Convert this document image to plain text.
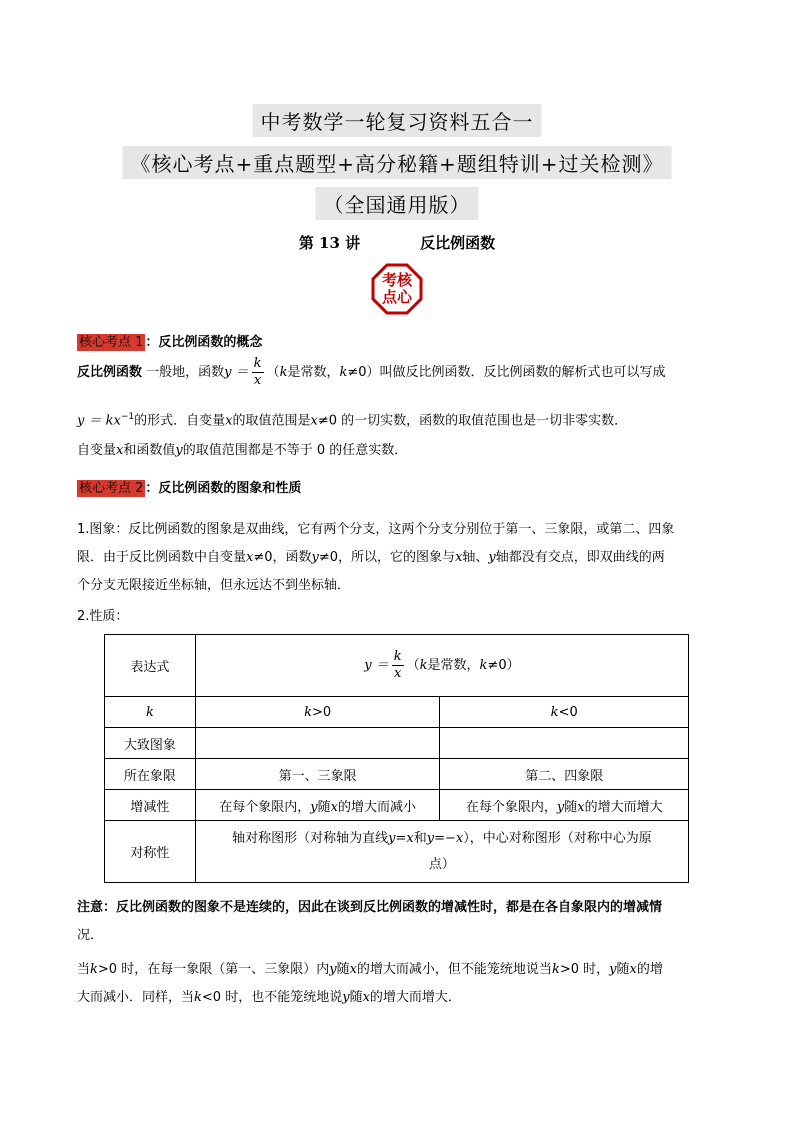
中考数学一轮复习资料五合一
《核心考点+重点题型+高分秘籍+题组特训+过关检测》
（全国通用版）
第 13 讲	反比例函数
考核
点心
核心考点 1 ：反比例函数的概念
反比例函数 一般地，函数$y = \frac{k}{x} (k$是常数，k≠0）叫做反比例函数．反比例函数的解析式也可以写成
$y = kx^{-1}$的形式．自变量x的取值范围是x≠0 的一切实数，函数的取值范围也是一切非零实数．
自变量x和函数值y的取值范围都是不等于 0 的任意实数．
核心考点 2 ：反比例函数的图象和性质
1.图象：反比例函数的图象是双曲线，它有两个分支，这两个分支分别位于第一、三象限，或第二、四象
限．由于反比例函数中自变量x≠0，函数y≠0，所以，它的图象与x轴、y轴都没有交点，即双曲线的两
个分支无限接近坐标轴，但永远达不到坐标轴．
2.性质：
表达式	$y = \frac{k}{x} (k$是常数，k≠0）	
k	k>0	k<0
大致图象		
所在象限	第一、三象限	第二、四象限
增减性	在每个象限内，y随x的增大而减小	在每个象限内，y随x的增大而增大
对称性	轴对称图形（对称轴为直线y=x和y=−x），中心对称图形（对称中心为原
点）	
注意：反比例函数的图象不是连续的，因此在谈到反比例函数的增减性时，都是在各自象限内的增减情
况．
当k>0 时，在每一象限（第一、三象限）内y随x的增大而减小，但不能笼统地说当k>0 时，y随x的增
大而减小．同样，当k<0 时，也不能笼统地说y随x的增大而增大．
